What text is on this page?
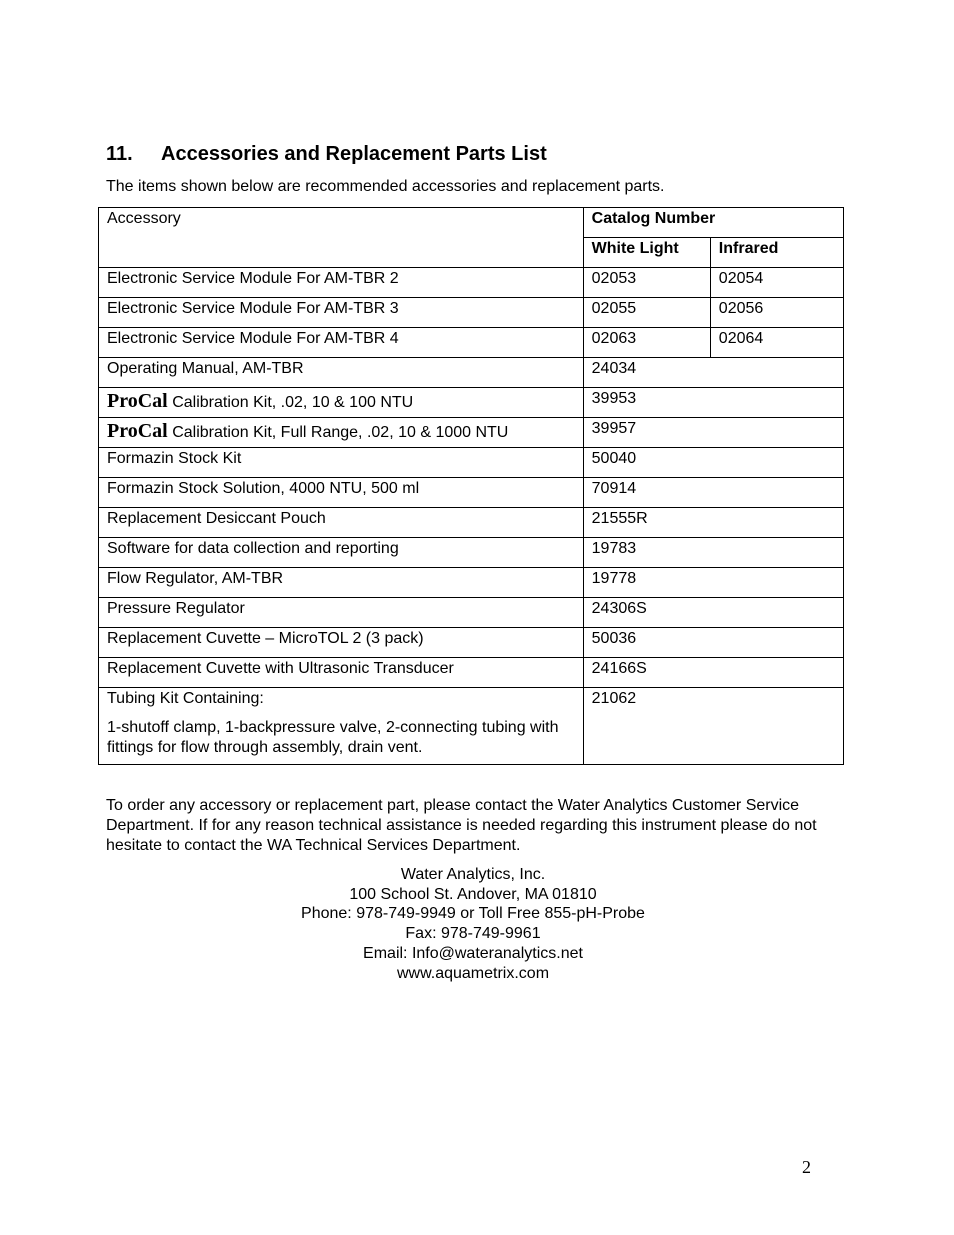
11. Accessories and Replacement Parts List
The items shown below are recommended accessories and replacement parts.
Accessory	Catalog Number	

	White Light	Infrared

Electronic Service Module For AM-TBR 2	02053	02054

Electronic Service Module For AM-TBR 3	02055	02056

Electronic Service Module For AM-TBR 4	02063	02064

Operating Manual, AM-TBR	24034	

ProCal Calibration Kit, .02, 10 & 100 NTU	39953	

ProCal Calibration Kit, Full Range, .02, 10 & 1000 NTU	39957	

Formazin Stock Kit	50040	

Formazin Stock Solution, 4000 NTU, 500 ml	70914	

Replacement Desiccant Pouch	21555R	

Software for data collection and reporting	19783	

Flow Regulator, AM-TBR	19778	

Pressure Regulator	24306S	

Replacement Cuvette – MicroTOL 2 (3 pack)	50036	

Replacement Cuvette with Ultrasonic Transducer	24166S	

Tubing Kit Containing:
1-shutoff clamp, 1-backpressure valve, 2-connecting tubing with fittings for flow through assembly, drain vent.	21062	
To order any accessory or replacement part, please contact the Water Analytics Customer Service Department. If for any reason technical assistance is needed regarding this instrument please do not hesitate to contact the WA Technical Services Department.
Water Analytics, Inc.
100 School St. Andover, MA 01810
Phone: 978-749-9949 or Toll Free 855-pH-Probe
Fax: 978-749-9961
Email: Info@wateranalytics.net
www.aquametrix.com
2
